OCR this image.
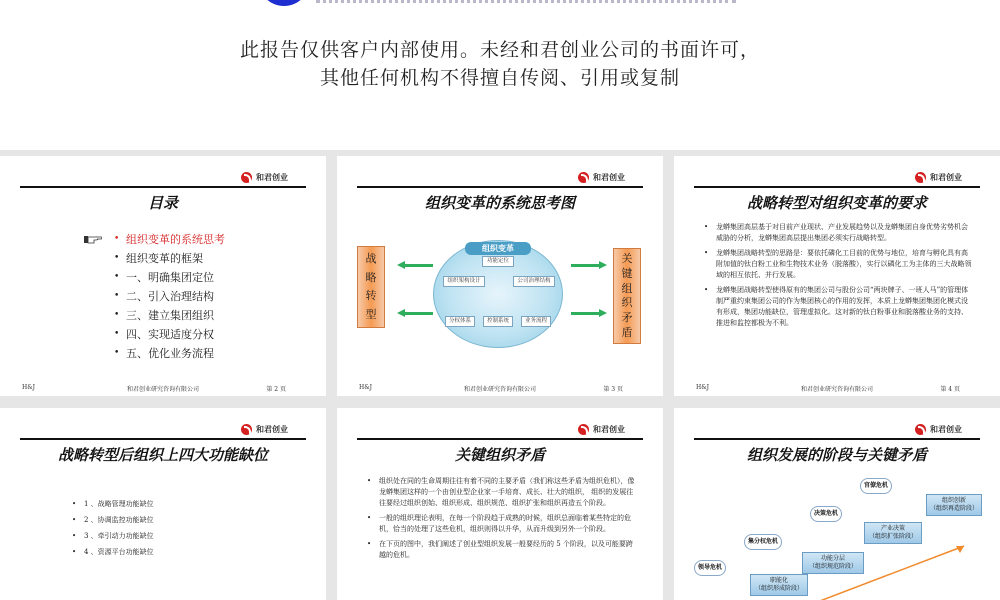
此报告仅供客户内部使用。未经和君创业公司的书面许可，
其他任何机构不得擅自传阅、引用或复制
和君创业
目录
• 组织变革的系统思考
• 组织变革的框架
• 一、明确集团定位
• 二、引入治理结构
• 三、建立集团组织
• 四、实现适度分权
• 五、优化业务流程
H&J	和君创业研究咨询有限公司	第 2 页
和君创业
组织变革的系统思考图
战
略
转
型
关
键
组
织
矛
盾
组织变革
功能定位
组织架构设计	公司治理结构
分权体系	控制系统	业务流程
H&J	和君创业研究咨询有限公司	第 3 页
和君创业
战略转型对组织变革的要求
• 龙蟒集团高层基于对目前产业现状、产业发展趋势以及龙蟒集团自身优势劣势机会威胁的分析，龙蟒集团高层提出集团必须实行战略转型。
• 龙蟒集团战略转型的思路是：要依托磷化工目前的优势与地位，培育与孵化具有高附加值的钛白粉工业和生物技术业务（脱落酸），实行以磷化工为主体的三大战略领域的相互依托、并行发展。
• 龙蟒集团战略转型使得原有的集团公司与股份公司“两块牌子、一班人马”的管理体制严重约束集团公司的作为集团核心的作用的发挥，本质上龙蟒集团集团化模式没有形成，集团功能缺位，管理虚拟化。这对新的钛白粉事业和脱落酸业务的支持、推进和监控都极为不利。
H&J	和君创业研究咨询有限公司	第 4 页
和君创业
战略转型后组织上四大功能缺位
• 1 、战略管理功能缺位
• 2 、协调监控功能缺位
• 3 、牵引动力功能缺位
• 4 、资源平台功能缺位
和君创业
关键组织矛盾
• 组织处在同的生命周期往往有着不同的主要矛盾（我们称这些矛盾为组织危机），像龙蟒集团这样的一个由创业型企业家一手培育、成长、壮大的组织， 组织的发展往往要经过组织创始、组织形成、组织规范、组织扩张和组织再造五个阶段。
• 一般的组织理论表明，在每一个阶段趋于成熟的时候，组织总面临着某些特定的危机，恰当的处理了这些危机，组织则得以升华，从而升级到另外一个阶段。
• 在下页的图中，我们阐述了创业型组织发展一般要经历的 5 个阶段，以及可能要跨越的危机。
和君创业
组织发展的阶段与关键矛盾
官僚危机
决策危机
集分权危机
领导危机
组织创新
（组织再造阶段）
产业决策
（组织扩张阶段）
功能分层
（组织规范阶段）
职能化
（组织形成阶段）
